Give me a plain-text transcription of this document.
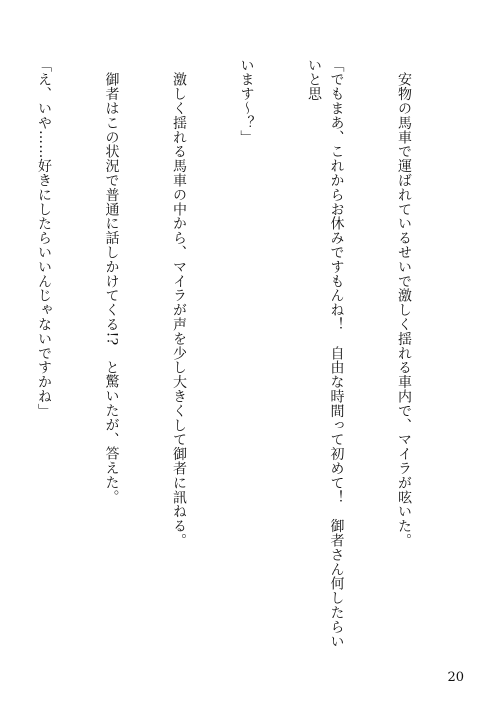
　安物の馬車で運ばれているせいで激しく揺れる車内で、マイラが呟いた。

「でもまあ、これからお休みですもんね！　自由な時間って初めて！　御者さん何したらいいと思

います～？」

　激しく揺れる馬車の中から、マイラが声を少し大きくして御者に訊ねる。

　御者はこの状況で普通に話しかけてくる!?　と驚いたが、答えた。

「え、いや……好きにしたらいいんじゃないですかね」

20
